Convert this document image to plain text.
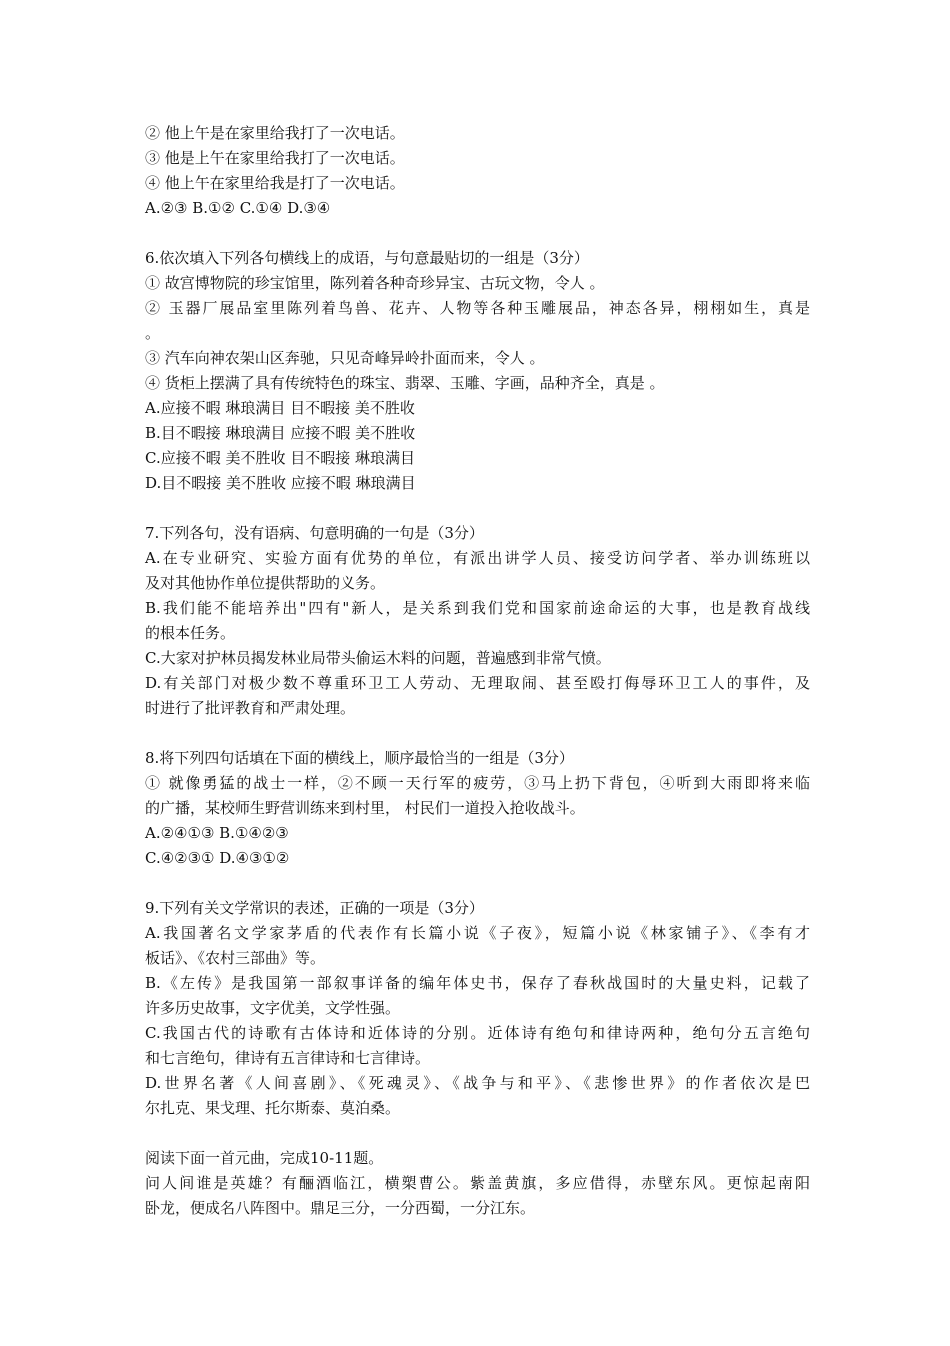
② 他上午是在家里给我打了一次电话。
③ 他是上午在家里给我打了一次电话。
④ 他上午在家里给我是打了一次电话。
A.②③ B.①② C.①④ D.③④
6.依次填入下列各句横线上的成语，与句意最贴切的一组是（3分）
① 故宫博物院的珍宝馆里，陈列着各种奇珍异宝、古玩文物，令人 。
② 玉器厂展品室里陈列着鸟兽、花卉、人物等各种玉雕展品，神态各异，栩栩如生，真是
。
③ 汽车向神农架山区奔驰，只见奇峰异岭扑面而来，令人 。
④ 货柜上摆满了具有传统特色的珠宝、翡翠、玉雕、字画，品种齐全，真是 。
A.应接不暇 琳琅满目 目不暇接 美不胜收
B.目不暇接 琳琅满目 应接不暇 美不胜收
C.应接不暇 美不胜收 目不暇接 琳琅满目
D.目不暇接 美不胜收 应接不暇 琳琅满目
7.下列各句，没有语病、句意明确的一句是（3分）
A.在专业研究、实验方面有优势的单位，有派出讲学人员、接受访问学者、举办训练班以
及对其他协作单位提供帮助的义务。
B.我们能不能培养出"四有"新人，是关系到我们党和国家前途命运的大事，也是教育战线
的根本任务。
C.大家对护林员揭发林业局带头偷运木料的问题，普遍感到非常气愤。
D.有关部门对极少数不尊重环卫工人劳动、无理取闹、甚至殴打侮辱环卫工人的事件，及
时进行了批评教育和严肃处理。
8.将下列四句话填在下面的横线上，顺序最恰当的一组是（3分）
① 就像勇猛的战士一样，②不顾一天行军的疲劳，③马上扔下背包，④听到大雨即将来临
的广播，某校师生野营训练来到村里， 村民们一道投入抢收战斗。
A.②④①③ B.①④②③
C.④②③① D.④③①②
9.下列有关文学常识的表述，正确的一项是（3分）
A.我国著名文学家茅盾的代表作有长篇小说《子夜》，短篇小说《林家铺子》、《李有才
板话》、《农村三部曲》等。
B.《左传》是我国第一部叙事详备的编年体史书，保存了春秋战国时的大量史料，记载了
许多历史故事，文字优美，文学性强。
C.我国古代的诗歌有古体诗和近体诗的分别。近体诗有绝句和律诗两种，绝句分五言绝句
和七言绝句，律诗有五言律诗和七言律诗。
D.世界名著《人间喜剧》、《死魂灵》、《战争与和平》、《悲惨世界》的作者依次是巴
尔扎克、果戈理、托尔斯泰、莫泊桑。
阅读下面一首元曲，完成10-11题。
问人间谁是英雄？有酾酒临江，横槊曹公。紫盖黄旗，多应借得，赤壁东风。更惊起南阳
卧龙，便成名八阵图中。鼎足三分，一分西蜀，一分江东。
